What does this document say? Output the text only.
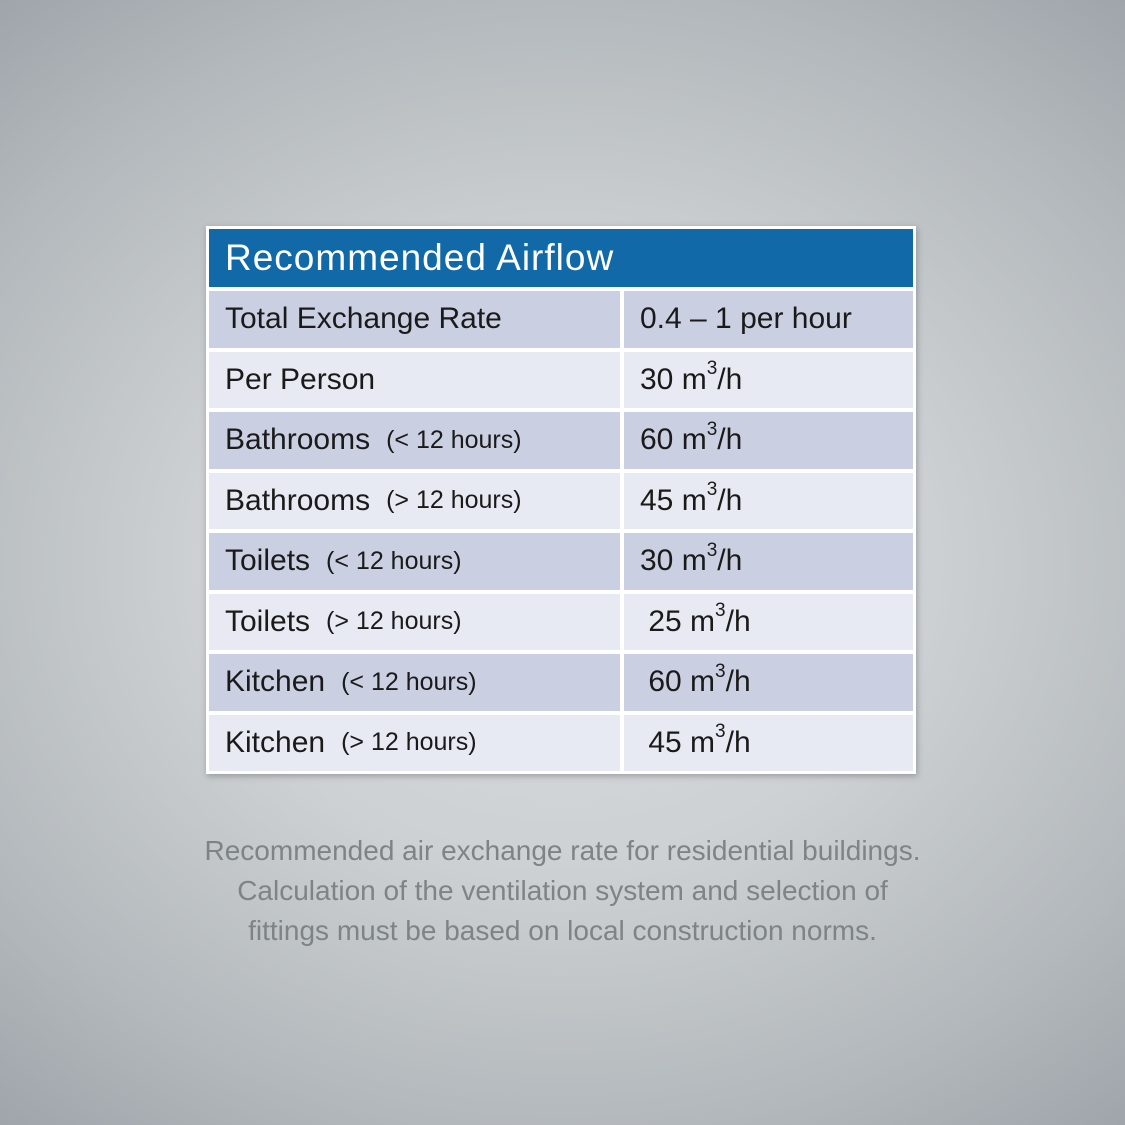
Recommended Airflow
Total Exchange Rate	0.4 – 1 per hour
Per Person	30 $m^3$ /h
Bathrooms (< 12 hours)	60 $m^3$ /h
Bathrooms (> 12 hours)	45 $m^3$ /h
Toilets (< 12 hours)	30 $m^3$ /h
Toilets (> 12 hours)	25 $m^3$ /h
Kitchen (< 12 hours)	60 $m^3$ /h
Kitchen (> 12 hours)	45 $m^3$ /h
Recommended air exchange rate for residential buildings.
Calculation of the ventilation system and selection of
fittings must be based on local construction norms.
